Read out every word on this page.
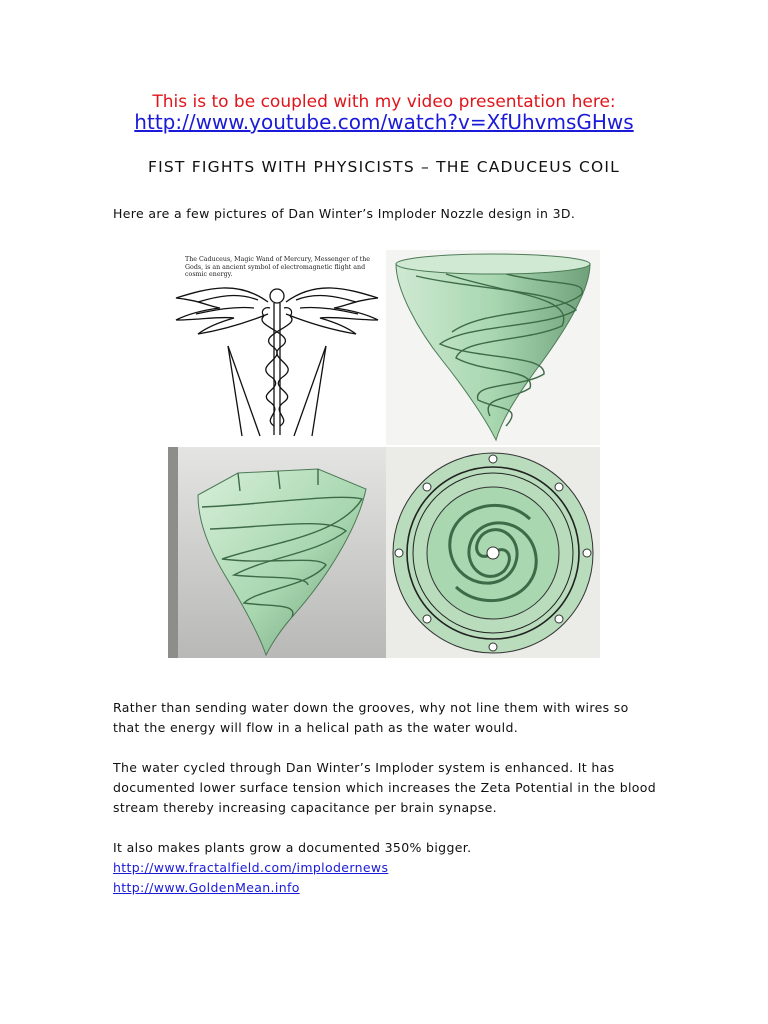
This is to be coupled with my video presentation here:
http://www.youtube.com/watch?v=XfUhvmsGHws
FIST FIGHTS WITH PHYSICISTS – THE CADUCEUS COIL

Here are a few pictures of Dan Winter’s Imploder Nozzle design in 3D.

The Caduceus, Magic Wand of Mercury, Messenger of the Gods, is an ancient symbol of electromagnetic flight and cosmic energy.

Rather than sending water down the grooves, why not line them with wires so that the energy will flow in a helical path as the water would.

The water cycled through Dan Winter’s Imploder system is enhanced. It has documented lower surface tension which increases the Zeta Potential in the blood stream thereby increasing capacitance per brain synapse.

It also makes plants grow a documented 350% bigger.

http://www.fractalfield.com/implodernews
http://www.GoldenMean.info
